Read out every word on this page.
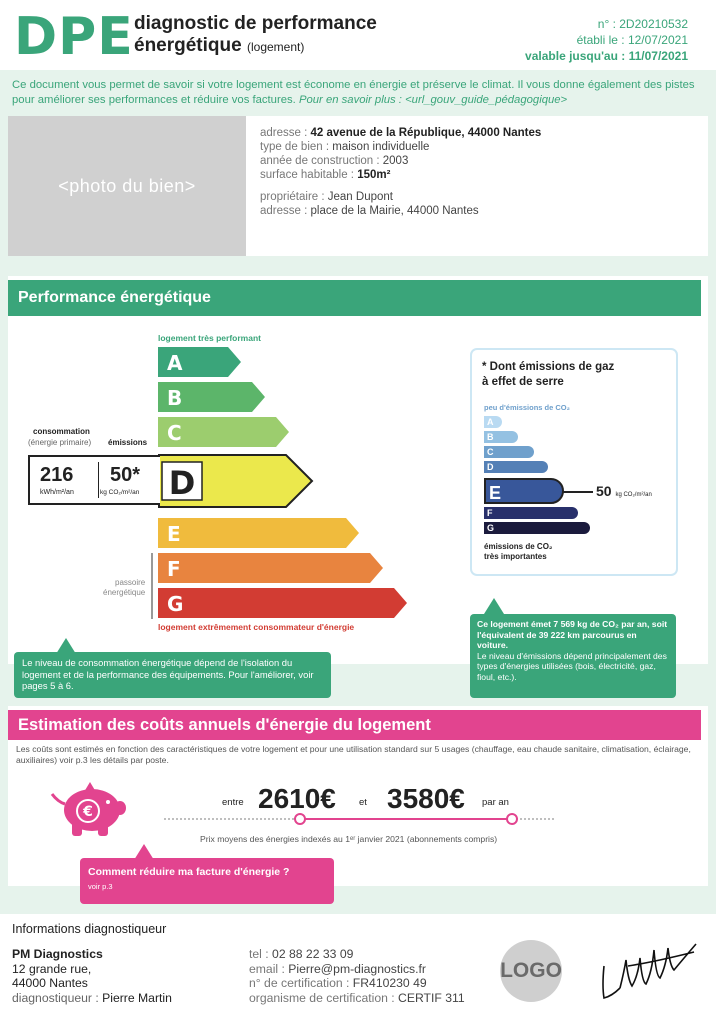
DPE diagnostic de performance
énergétique (logement)
n° : 2D20210532
établi le : 12/07/2021
valable jusqu'au : 11/07/2021
Ce document vous permet de savoir si votre logement est économe en énergie et préserve le climat. Il vous donne également des pistes pour améliorer ses performances et réduire vos factures. Pour en savoir plus : <url_gouv_guide_pédagogique>
<photo du bien>
adresse : 42 avenue de la République, 44000 Nantes
type de bien : maison individuelle
année de construction : 2003
surface habitable : 150m²
propriétaire : Jean Dupont
adresse : place de la Mairie, 44000 Nantes
Performance énergétique
logement très performant
A
B
C
D
E
F
G
logement extrêmement consommateur d'énergie
consommation
(énergie primaire) émissions
216
kWh/m²/an
50*
kg CO₂/m²/an
passoire
énergétique
Le niveau de consommation énergétique dépend de l'isolation du logement et de la performance des équipements. Pour l'améliorer, voir pages 5 à 6.
* Dont émissions de gaz
à effet de serre
peu d'émissions de CO₂
A
B
C
D
E
F
G
émissions de CO₂
très importantes
50 kg CO₂/m²/an
Ce logement émet 7 569 kg de CO₂ par an, soit l'équivalent de 39 222 km parcourus en voiture.
Le niveau d'émissions dépend principalement des types d'énergies utilisées (bois, électricité, gaz, fioul, etc.).
Estimation des coûts annuels d'énergie du logement
Les coûts sont estimés en fonction des caractéristiques de votre logement et pour une utilisation standard sur 5 usages (chauffage, eau chaude sanitaire, climatisation, éclairage, auxiliaires) voir p.3 les détails par poste.
€
entre 2610€ et 3580€ par an
Prix moyens des énergies indexés au 1ᵉʳ janvier 2021 (abonnements compris)
Comment réduire ma facture d'énergie ?
voir p.3
Informations diagnostiqueur
PM Diagnostics
12 grande rue,
44000 Nantes
diagnostiqueur : Pierre Martin
tel : 02 88 22 33 09
email : Pierre@pm-diagnostics.fr
n° de certification : FR410230 49
organisme de certification : CERTIF 311
LOGO
